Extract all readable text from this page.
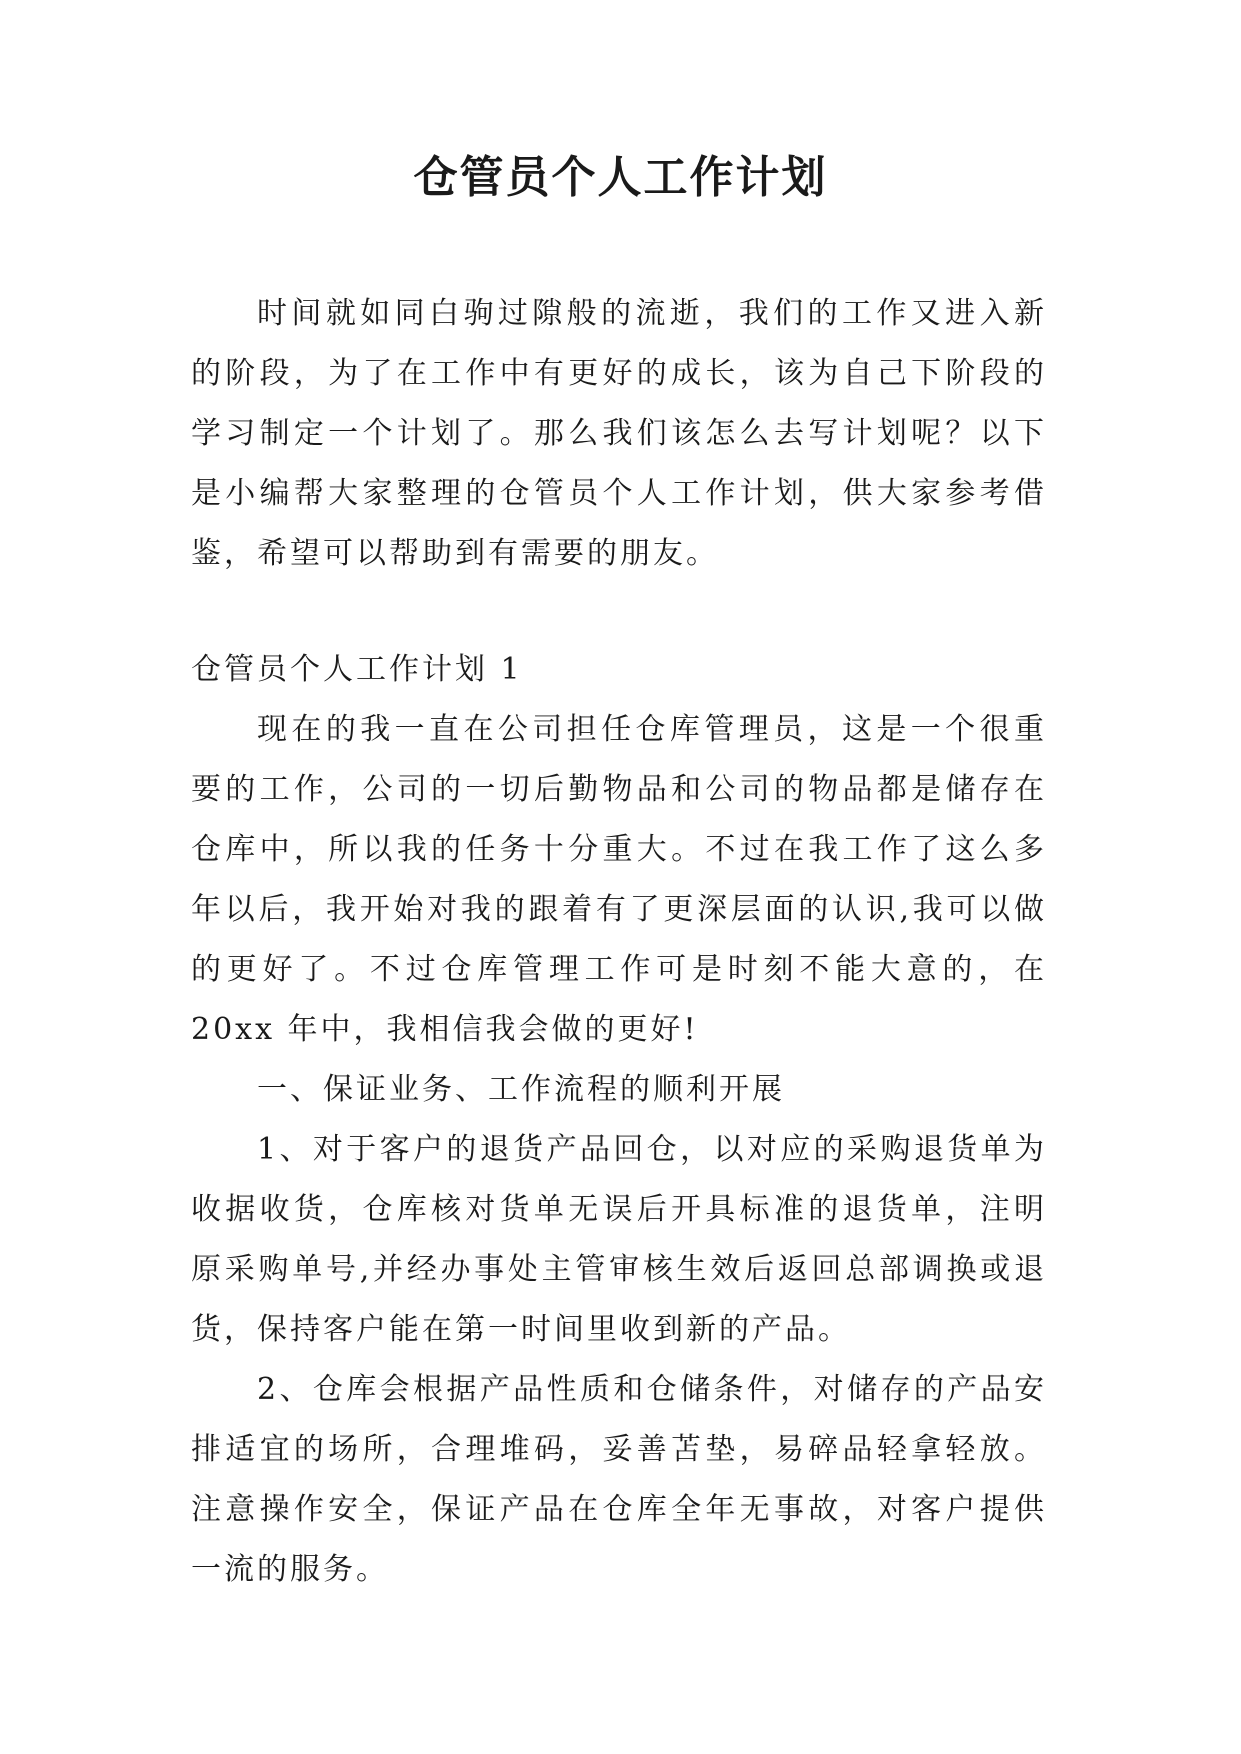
仓管员个人工作计划

时间就如同白驹过隙般的流逝，我们的工作又进入新的阶段，为了在工作中有更好的成长，该为自己下阶段的学习制定一个计划了。那么我们该怎么去写计划呢？以下是小编帮大家整理的仓管员个人工作计划，供大家参考借鉴，希望可以帮助到有需要的朋友。

仓管员个人工作计划 1

现在的我一直在公司担任仓库管理员，这是一个很重要的工作，公司的一切后勤物品和公司的物品都是储存在仓库中，所以我的任务十分重大。不过在我工作了这么多年以后，我开始对我的跟着有了更深层面的认识,我可以做的更好了。不过仓库管理工作可是时刻不能大意的，在 20xx 年中，我相信我会做的更好!

一、保证业务、工作流程的顺利开展

1、对于客户的退货产品回仓，以对应的采购退货单为收据收货，仓库核对货单无误后开具标准的退货单，注明原采购单号,并经办事处主管审核生效后返回总部调换或退货，保持客户能在第一时间里收到新的产品。

2、仓库会根据产品性质和仓储条件，对储存的产品安排适宜的场所，合理堆码，妥善苫垫，易碎品轻拿轻放。注意操作安全，保证产品在仓库全年无事故，对客户提供一流的服务。
